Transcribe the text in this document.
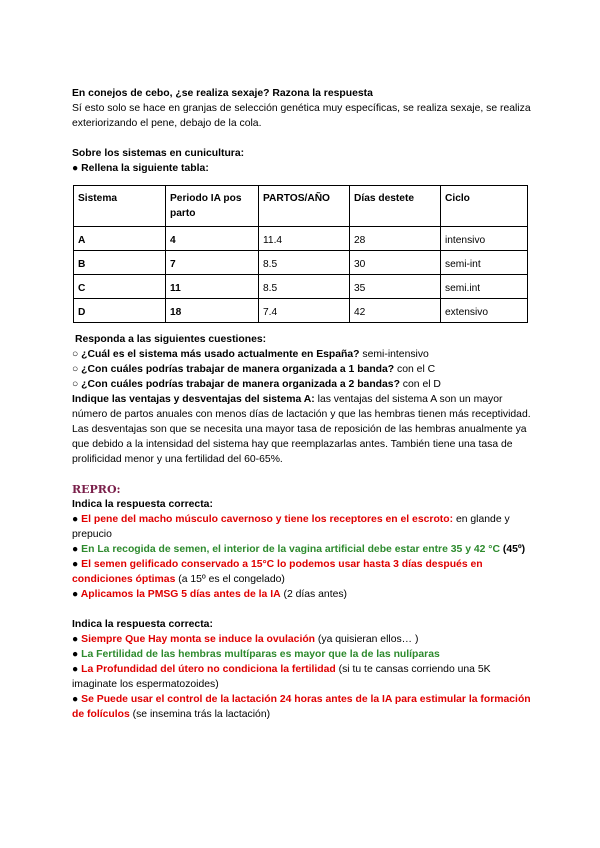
En conejos de cebo, ¿se realiza sexaje? Razona la respuesta
Sí esto solo se hace en granjas de selección genética muy específicas, se realiza sexaje, se realiza exteriorizando el pene, debajo de la cola.
Sobre los sistemas en cunicultura:
● Rellena la siguiente tabla:
Sistema	Periodo IA pos parto	PARTOS/AÑO	Días destete	Ciclo
A	4	11.4	28	intensivo
B	7	8.5	30	semi-int
C	11	8.5	35	semi.int
D	18	7.4	42	extensivo
Responda a las siguientes cuestiones:
○ ¿Cuál es el sistema más usado actualmente en España? semi-intensivo
○ ¿Con cuáles podrías trabajar de manera organizada a 1 banda? con el C
○ ¿Con cuáles podrías trabajar de manera organizada a 2 bandas? con el D
Indique las ventajas y desventajas del sistema A: las ventajas del sistema A son un mayor número de partos anuales con menos días de lactación y que las hembras tienen más receptividad.
Las desventajas son que se necesita una mayor tasa de reposición de las hembras anualmente ya que debido a la intensidad del sistema hay que reemplazarlas antes. También tiene una tasa de prolificidad menor y una fertilidad del 60-65%.
REPRO:
Indica la respuesta correcta:
● El pene del macho músculo cavernoso y tiene los receptores en el escroto: en glande y prepucio
● En La recogida de semen, el interior de la vagina artificial debe estar entre 35 y 42 °C (45º)
● El semen gelificado conservado a 15°C lo podemos usar hasta 3 días después en condiciones óptimas (a 15º es el congelado)
● Aplicamos la PMSG 5 días antes de la IA (2 días antes)
Indica la respuesta correcta:
● Siempre Que Hay monta se induce la ovulación (ya quisieran ellos… )
● La Fertilidad de las hembras multíparas es mayor que la de las nulíparas
● La Profundidad del útero no condiciona la fertilidad (si tu te cansas corriendo una 5K imaginate los espermatozoides)
● Se Puede usar el control de la lactación 24 horas antes de la IA para estimular la formación de folículos (se insemina trás la lactación)
